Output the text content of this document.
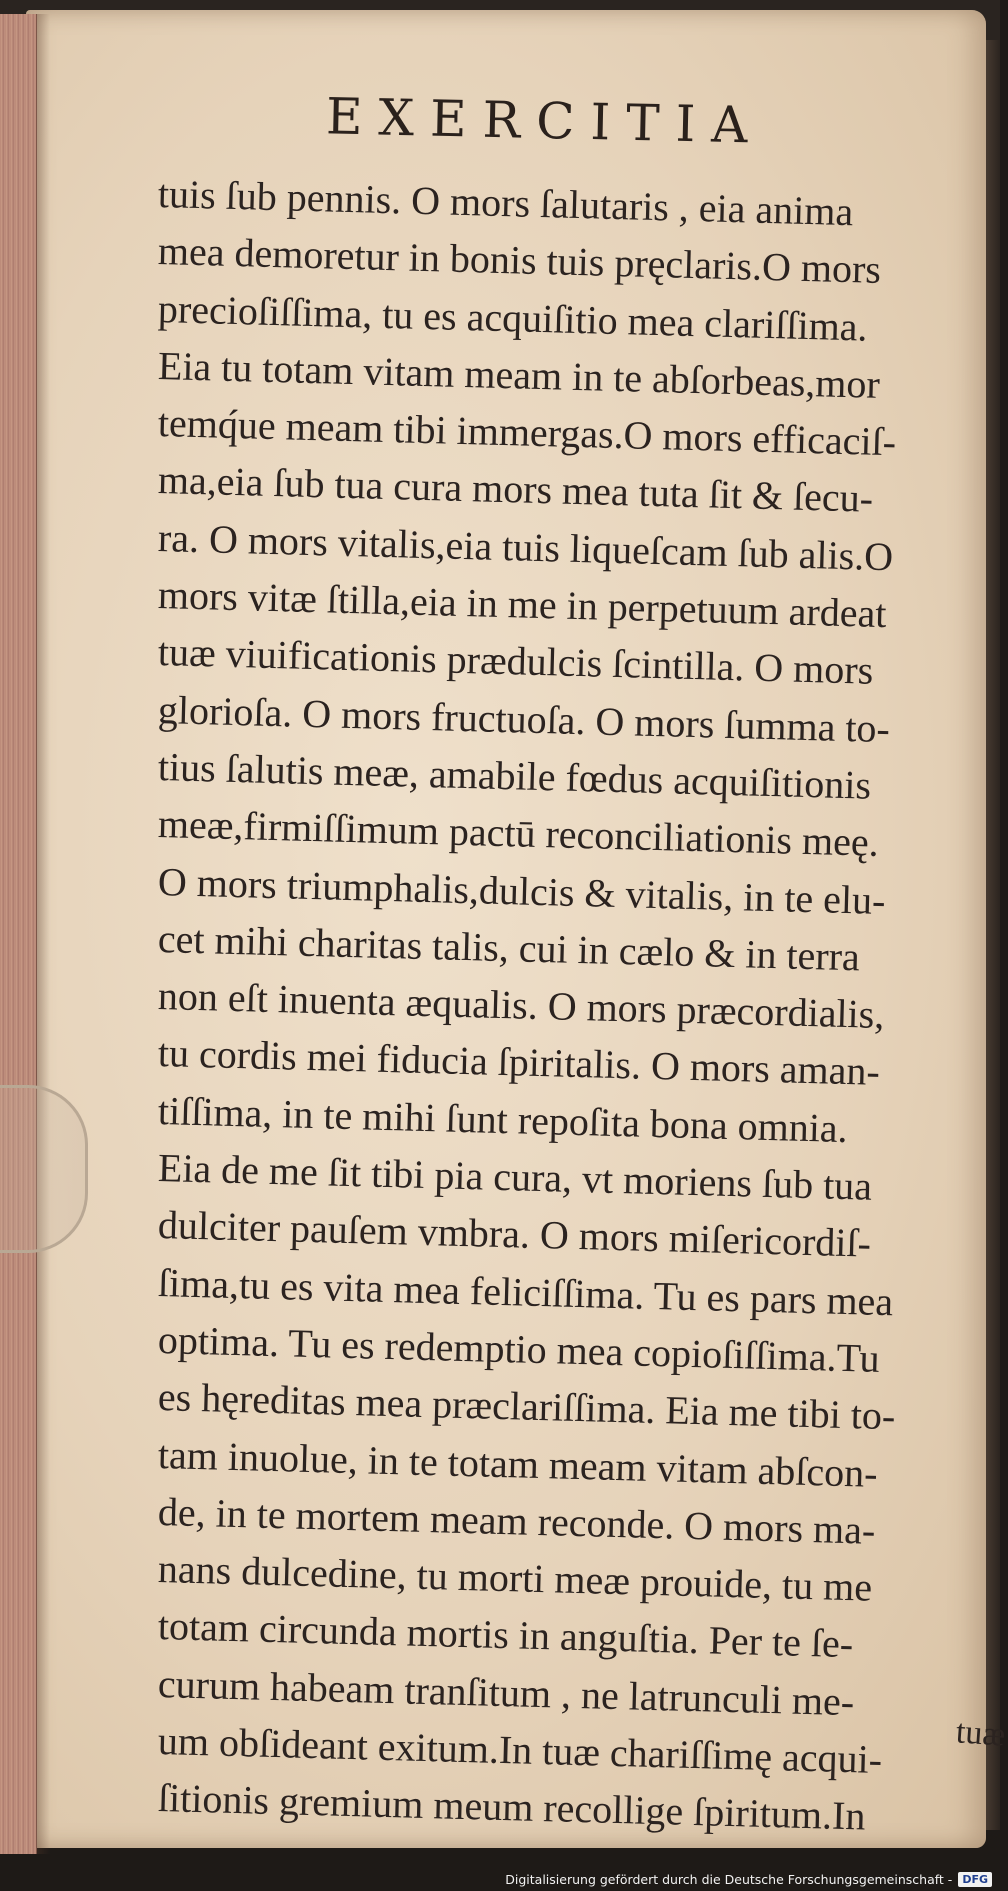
EXERCITIA
tuis ſub pennis. O mors ſalutaris , eia anima
mea demoretur in bonis tuis pręclaris.O mors
precioſiſſima, tu es acquiſitio mea clariſſima.
Eia tu totam vitam meam in te abſorbeas,mor
temq́ue meam tibi immergas.O mors efficaciſ-
ma,eia ſub tua cura mors mea tuta ſit & ſecu-
ra. O mors vitalis,eia tuis liqueſcam ſub alis.O
mors vitæ ſtilla,eia in me in perpetuum ardeat
tuæ viuificationis prædulcis ſcintilla. O mors
glorioſa. O mors fructuoſa. O mors ſumma to-
tius ſalutis meæ, amabile fœdus acquiſitionis
meæ,firmiſſimum pactū reconciliationis meę.
O mors triumphalis,dulcis & vitalis, in te elu-
cet mihi charitas talis, cui in cælo & in terra
non eſt inuenta æqualis. O mors præcordialis,
tu cordis mei fiducia ſpiritalis. O mors aman-
tiſſima, in te mihi ſunt repoſita bona omnia.
Eia de me ſit tibi pia cura, vt moriens ſub tua
dulciter pauſem vmbra. O mors miſericordiſ-
ſima,tu es vita mea feliciſſima. Tu es pars mea
optima. Tu es redemptio mea copioſiſſima.Tu
es hęreditas mea præclariſſima. Eia me tibi to-
tam inuolue, in te totam meam vitam abſcon-
de, in te mortem meam reconde. O mors ma-
nans dulcedine, tu morti meæ prouide, tu me
totam circunda mortis in anguſtia. Per te ſe-
curum habeam tranſitum , ne latrunculi me-
um obſideant exitum.In tuæ chariſſimę acqui-
ſitionis gremium meum recollige ſpiritum.In
tuæ
Digitalisierung gefördert durch die Deutsche Forschungsgemeinschaft - DFG
